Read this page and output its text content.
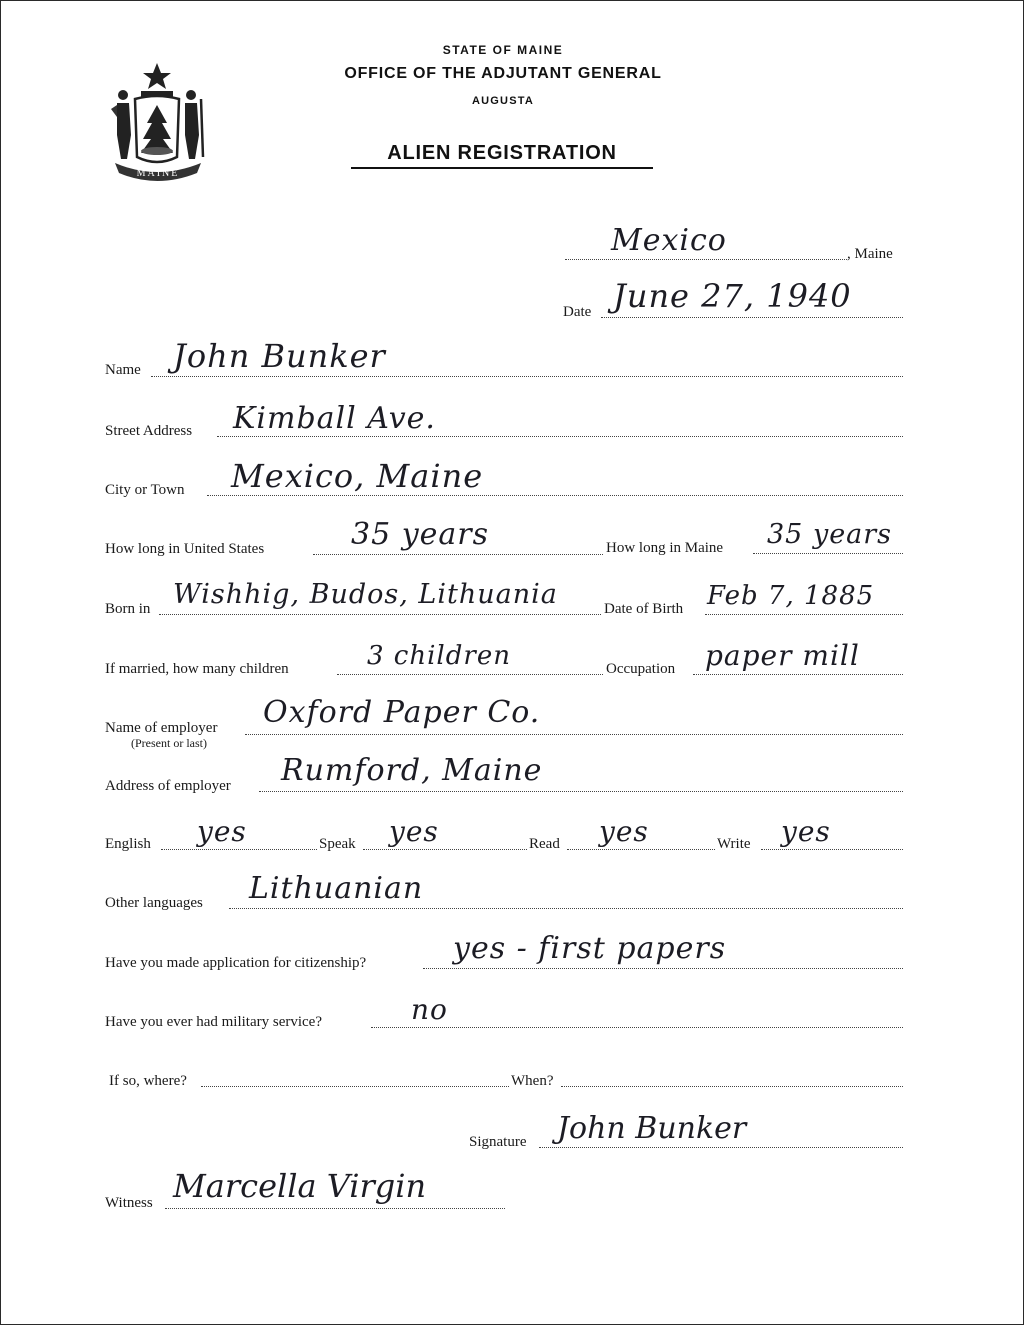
MAINE
STATE OF MAINE
OFFICE OF THE ADJUTANT GENERAL
AUGUSTA
ALIEN REGISTRATION
Mexico	, Maine
Date June 27, 1940
Name John Bunker
Street Address Kimball Ave.
City or Town Mexico, Maine
How long in United States	35 years	How long in Maine 35 years
Born in Wishhig, Budos, Lithuania	Date of Birth Feb 7, 1885
If married, how many children	3 children	Occupation paper mill
Name of employer
(Present or last)
Oxford Paper Co.
Address of employer Rumford, Maine
English yes	Speak yes	Read yes	Write yes
Other languages Lithuanian
Have you made application for citizenship?	yes - first papers
Have you ever had military service?	no
If so, where?	When?
Signature John Bunker
Witness Marcella Virgin
